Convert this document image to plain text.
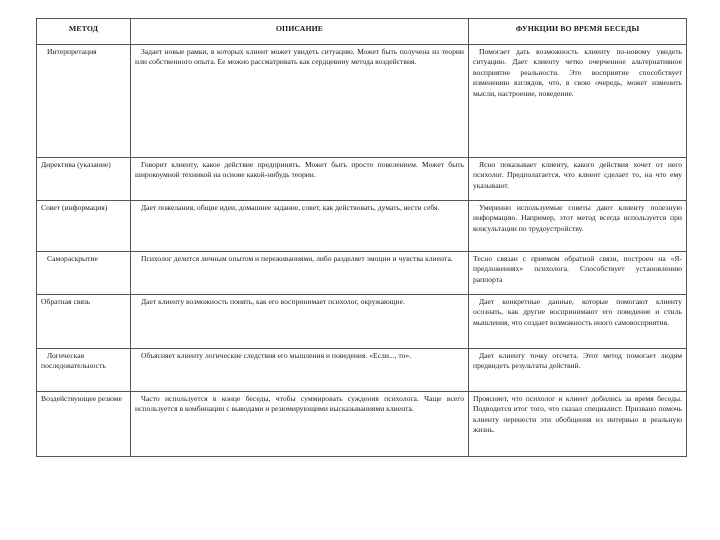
МЕТОД	ОПИСАНИЕ	ФУНКЦИИ ВО ВРЕМЯ БЕСЕДЫ

Интерпретация	Задает новые рамки, в которых клиент может увидеть ситуацию. Может быть получена из теории или собственного опыта. Ее можно рассматривать как сердцевину метода воздействия.	Помогает дать возможность клиенту по-новому увидеть ситуацию. Дает клиенту четко очерченное альтернативное восприятие реальности. Это восприятие способствует изменению взглядов, что, в свою очередь, может изменить мысли, настроение, поведение.

Директива (указание)	Говорит клиенту, какое действие предпринять. Может быть просто повелением. Может быть широкоумной техникой на основе какой-нибудь теории.	Ясно показывает клиенту, какого действия хочет от него психолог. Предполагается, что клиент сделает то, на что ему указывают.

Совет (информация)	Дает пожелания, общие идеи, домашнее задание, совет, как действовать, думать, вести себя.	Умеренно используемые советы дают клиенту полезную информацию. Например, этот метод всегда используется при консультации по трудоустройству.

Самораскрытие	Психолог делится личным опытом и переживаниями, либо разделяет эмоции и чувства клиента.	Тесно связан с приемом обратной связи, построен на «Я-предложениях» психолога. Способствует установлению раппорта

Обратная связь	Дает клиенту возможность понять, как его воспринимает психолог, окружающие.	Дает конкретные данные, которые помогают клиенту осознать, как другие воспринимают его поведение и стиль мышления, что создает возможность иного самовосприятия.

Логическая последовательность	Объясняет клиенту логические следствия его мышления и поведения. «Если..., то».	Дает клиенту точку отсчета. Этот метод помогает людям предвидеть результаты действий.

Воздействующее резюме	Часто используется в конце беседы, чтобы суммировать суждения психолога. Чаще всего используется в комбинации с выводами и резюмирующими высказываниями клиента.	Проясняет, что психолог и клиент добились за время беседы. Подводится итог того, что сказал специалист. Призвано помочь клиенту перенести эти обобщения из интервью в реальную жизнь.
